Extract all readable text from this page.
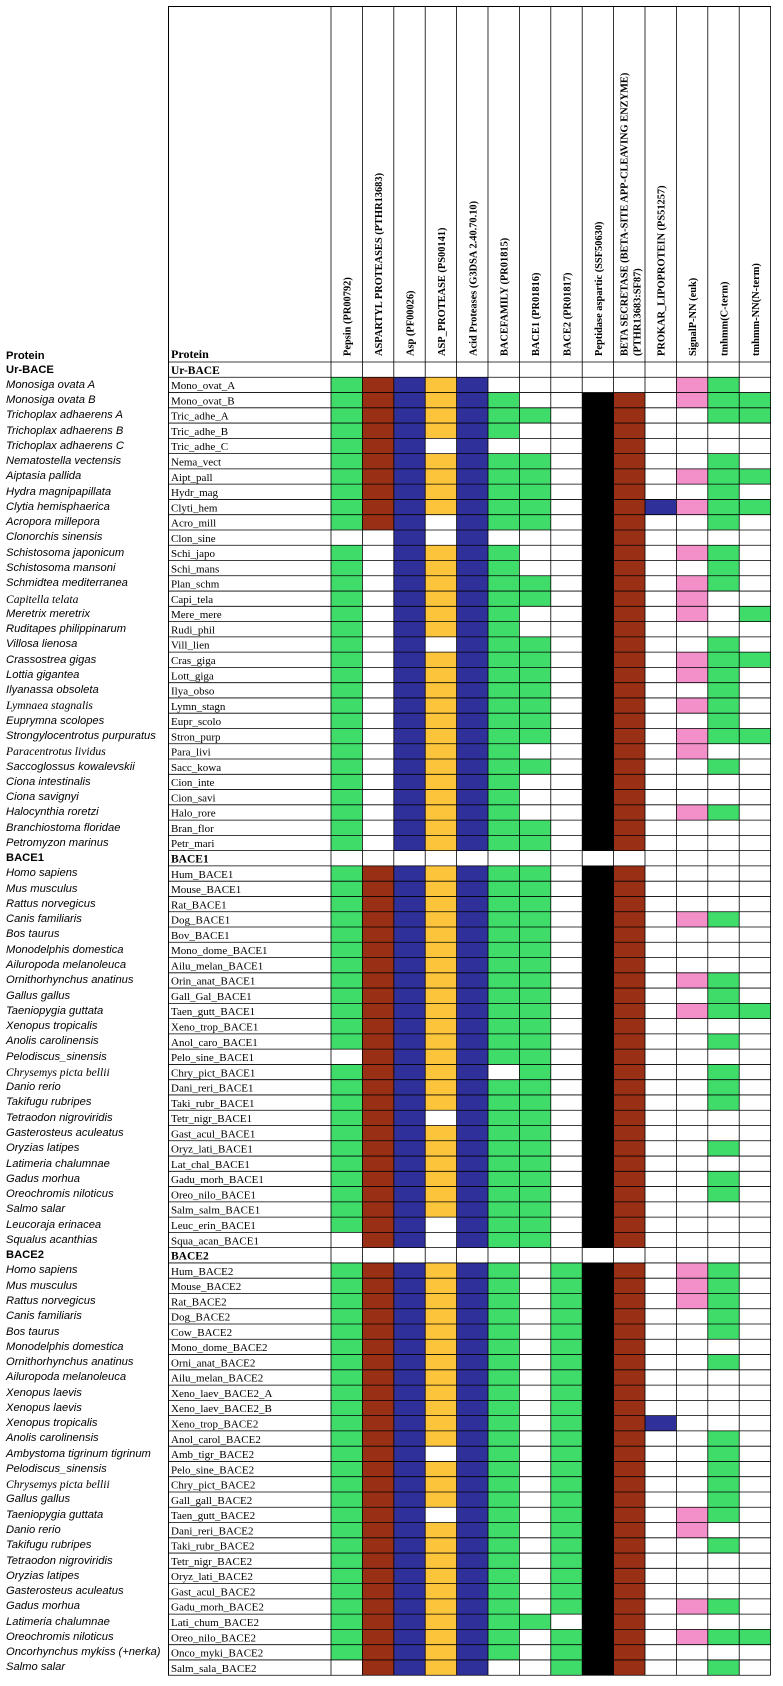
Protein
Ur-BACE
Monosiga ovata A
Monosiga ovata B
Trichoplax adhaerens A
Trichoplax adhaerens B
Trichoplax adhaerens C
Nematostella vectensis
Aiptasia pallida
Hydra magnipapillata
Clytia hemisphaerica
Acropora millepora
Clonorchis sinensis
Schistosoma japonicum
Schistosoma mansoni
Schmidtea mediterranea
Capitella telata
Meretrix meretrix
Ruditapes philippinarum
Villosa lienosa
Crassostrea gigas
Lottia gigantea
Ilyanassa obsoleta
Lymnaea stagnalis
Euprymna scolopes
Strongylocentrotus purpuratus
Paracentrotus lividus
Saccoglossus kowalevskii
Ciona intestinalis
Ciona savignyi
Halocynthia roretzi
Branchiostoma floridae
Petromyzon marinus
BACE1
Homo sapiens
Mus musculus
Rattus norvegicus
Canis familiaris
Bos taurus
Monodelphis domestica
Ailuropoda melanoleuca
Ornithorhynchus anatinus
Gallus gallus
Taeniopygia guttata
Xenopus tropicalis
Anolis carolinensis
Pelodiscus_sinensis
Chrysemys picta bellii
Danio rerio
Takifugu rubripes
Tetraodon nigroviridis
Gasterosteus aculeatus
Oryzias latipes
Latimeria chalumnae
Gadus morhua
Oreochromis niloticus
Salmo salar
Leucoraja erinacea
Squalus acanthias
BACE2
Homo sapiens
Mus musculus
Rattus norvegicus
Canis familiaris
Bos taurus
Monodelphis domestica
Ornithorhynchus anatinus
Ailuropoda melanoleuca
Xenopus laevis
Xenopus laevis
Xenopus tropicalis
Anolis carolinensis
Ambystoma tigrinum tigrinum
Pelodiscus_sinensis
Chrysemys picta bellii
Gallus gallus
Taeniopygia guttata
Danio rerio
Takifugu rubripes
Tetraodon nigroviridis
Oryzias latipes
Gasterosteus aculeatus
Gadus morhua
Latimeria chalumnae
Oreochromis niloticus
Oncorhynchus mykiss (+nerka)
Salmo salar
Protein	Pepsin (PR00792) ASPARTYL PROTEASES (PTHR13683) Asp (PF00026) ASP_PROTEASE (PS00141) Acid Proteases (G3DSA 2.40.70.10) BACEFAMILY (PR01815) BACE1 (PR01816) BACE2 (PR01817) Peptidase aspartic (SSF50630) BETA SECRETASE (BETA-SITE APP-CLEAVING ENZYME) (PTHR13683:SF87) PROKAR_LIPOPROTEIN (PS51257) SignalP-NN (euk) tmhmm(C-term) tmhmm-NN(N-term)
Ur-BACE
Mono_ovat_A
Mono_ovat_B
Tric_adhe_A
Tric_adhe_B
Tric_adhe_C
Nema_vect
Aipt_pall
Hydr_mag
Clyti_hem
Acro_mill
Clon_sine
Schi_japo
Schi_mans
Plan_schm
Capi_tela
Mere_mere
Rudi_phil
Vill_lien
Cras_giga
Lott_giga
Ilya_obso
Lymn_stagn
Eupr_scolo
Stron_purp
Para_livi
Sacc_kowa
Cion_inte
Cion_savi
Halo_rore
Bran_flor
Petr_mari
BACE1
Hum_BACE1
Mouse_BACE1
Rat_BACE1
Dog_BACE1
Bov_BACE1
Mono_dome_BACE1
Ailu_melan_BACE1
Orin_anat_BACE1
Gall_Gal_BACE1
Taen_gutt_BACE1
Xeno_trop_BACE1
Anol_caro_BACE1
Pelo_sine_BACE1
Chry_pict_BACE1
Dani_reri_BACE1
Taki_rubr_BACE1
Tetr_nigr_BACE1
Gast_acul_BACE1
Oryz_lati_BACE1
Lat_chal_BACE1
Gadu_morh_BACE1
Oreo_nilo_BACE1
Salm_salm_BACE1
Leuc_erin_BACE1
Squa_acan_BACE1
BACE2
Hum_BACE2
Mouse_BACE2
Rat_BACE2
Dog_BACE2
Cow_BACE2
Mono_dome_BACE2
Orni_anat_BACE2
Ailu_melan_BACE2
Xeno_laev_BACE2_A
Xeno_laev_BACE2_B
Xeno_trop_BACE2
Anol_carol_BACE2
Amb_tigr_BACE2
Pelo_sine_BACE2
Chry_pict_BACE2
Gall_gall_BACE2
Taen_gutt_BACE2
Dani_reri_BACE2
Taki_rubr_BACE2
Tetr_nigr_BACE2
Oryz_lati_BACE2
Gast_acul_BACE2
Gadu_morh_BACE2
Lati_chum_BACE2
Oreo_nilo_BACE2
Onco_myki_BACE2
Salm_sala_BACE2
